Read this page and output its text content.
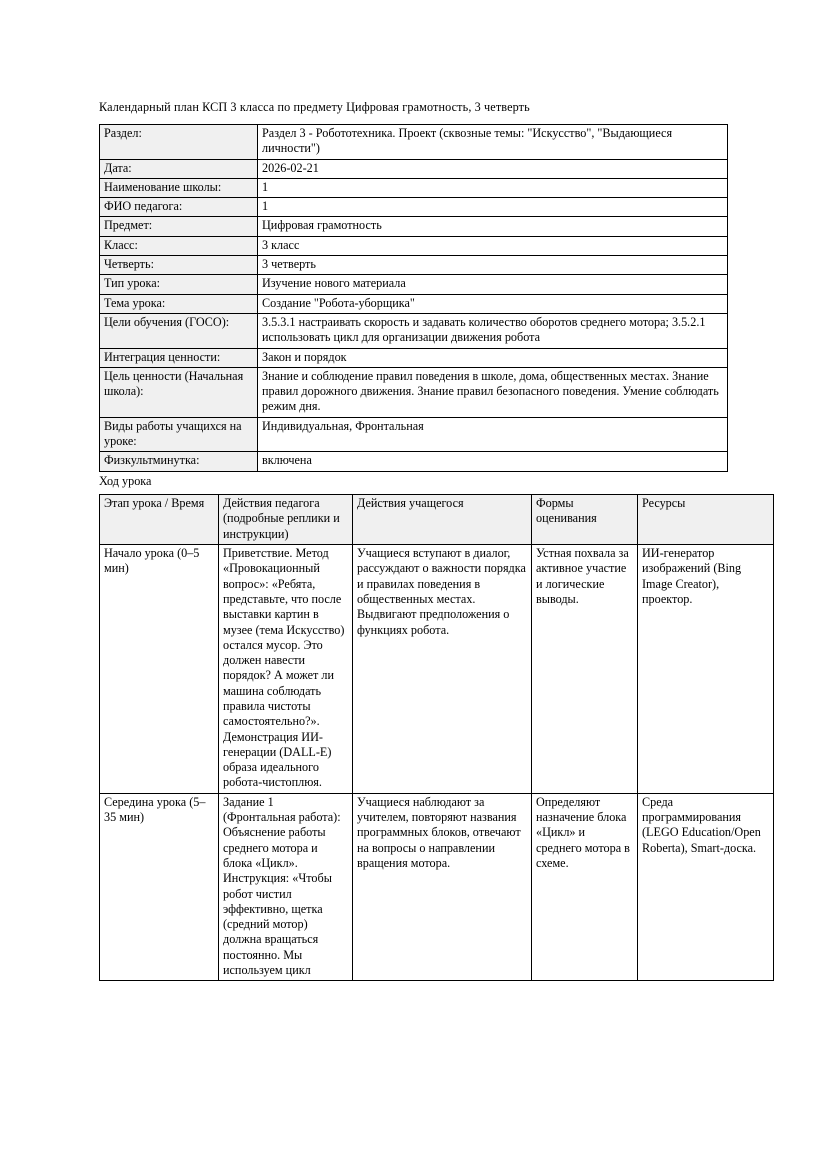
Календарный план КСП 3 класса по предмету Цифровая грамотность, 3 четверть

Раздел:	Раздел 3 - Робототехника. Проект (сквозные темы: "Искусство", "Выдающиеся личности")
Дата:	2026-02-21
Наименование школы:	1
ФИО педагога:	1
Предмет:	Цифровая грамотность
Класс:	3 класс
Четверть:	3 четверть
Тип урока:	Изучение нового материала
Тема урока:	Создание "Робота-уборщика"
Цели обучения (ГОСО):	3.5.3.1 настраивать скорость и задавать количество оборотов среднего мотора; 3.5.2.1 использовать цикл для организации движения робота
Интеграция ценности:	Закон и порядок
Цель ценности (Начальная школа):	Знание и соблюдение правил поведения в школе, дома, общественных местах. Знание правил дорожного движения. Знание правил безопасного поведения. Умение соблюдать режим дня.
Виды работы учащихся на уроке:	Индивидуальная, Фронтальная
Физкультминутка:	включена

Ход урока

Этап урока / Время	Действия педагога (подробные реплики и инструкции)	Действия учащегося	Формы оценивания	Ресурсы
Начало урока (0–5 мин)	Приветствие. Метод «Провокационный вопрос»: «Ребята, представьте, что после выставки картин в музее (тема Искусство) остался мусор. Это должен навести порядок? А может ли машина соблюдать правила чистоты самостоятельно?». Демонстрация ИИ-генерации (DALL-E) образа идеального робота-чистоплюя.	Учащиеся вступают в диалог, рассуждают о важности порядка и правилах поведения в общественных местах. Выдвигают предположения о функциях робота.	Устная похвала за активное участие и логические выводы.	ИИ-генератор изображений (Bing Image Creator), проектор.
Середина урока (5–35 мин)	Задание 1 (Фронтальная работа): Объяснение работы среднего мотора и блока «Цикл». Инструкция: «Чтобы робот чистил эффективно, щетка (средний мотор) должна вращаться постоянно. Мы используем цикл	Учащиеся наблюдают за учителем, повторяют названия программных блоков, отвечают на вопросы о направлении вращения мотора.	Определяют назначение блока «Цикл» и среднего мотора в схеме.	Среда программирования (LEGO Education/Open Roberta), Smart-доска.
